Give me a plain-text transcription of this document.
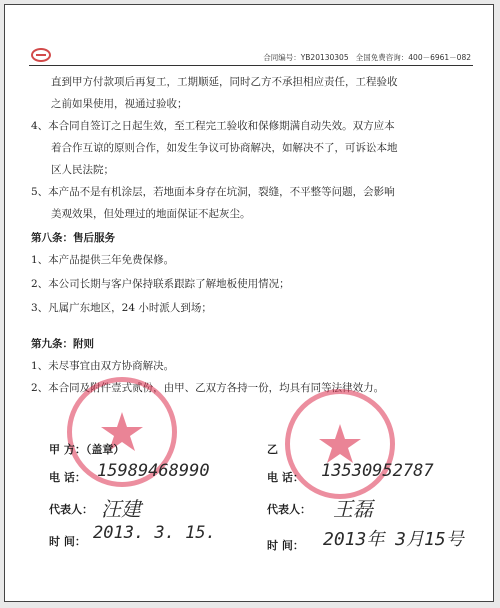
合同编号：YB20130305 全国免费咨询：400－6961－082
直到甲方付款项后再复工，工期顺延，同时乙方不承担相应责任，工程验收
之前如果使用，视通过验收；
4、本合同自签订之日起生效，至工程完工验收和保修期满自动失效。双方应本
着合作互谅的原则合作，如发生争议可协商解决，如解决不了，可诉讼本地
区人民法院；
5、本产品不是有机涂层，若地面本身存在坑洞，裂缝，不平整等问题，会影响
美观效果，但处理过的地面保证不起灰尘。
第八条：售后服务
1、本产品提供三年免费保修。
2、本公司长期与客户保持联系跟踪了解地板使用情况；
3、凡属广东地区，24 小时派人到场；
第九条：附则
1、未尽事宜由双方协商解决。
2、本合同及附件壹式贰份，由甲、乙双方各持一份，均具有同等法律效力。
甲 方：（盖章）
电 话： 15989468990
代表人： 汪建
时 间： 2013. 3. 15.
乙
电 话： 13530952787
代表人： 王磊
时 间： 2013年 3月15号
